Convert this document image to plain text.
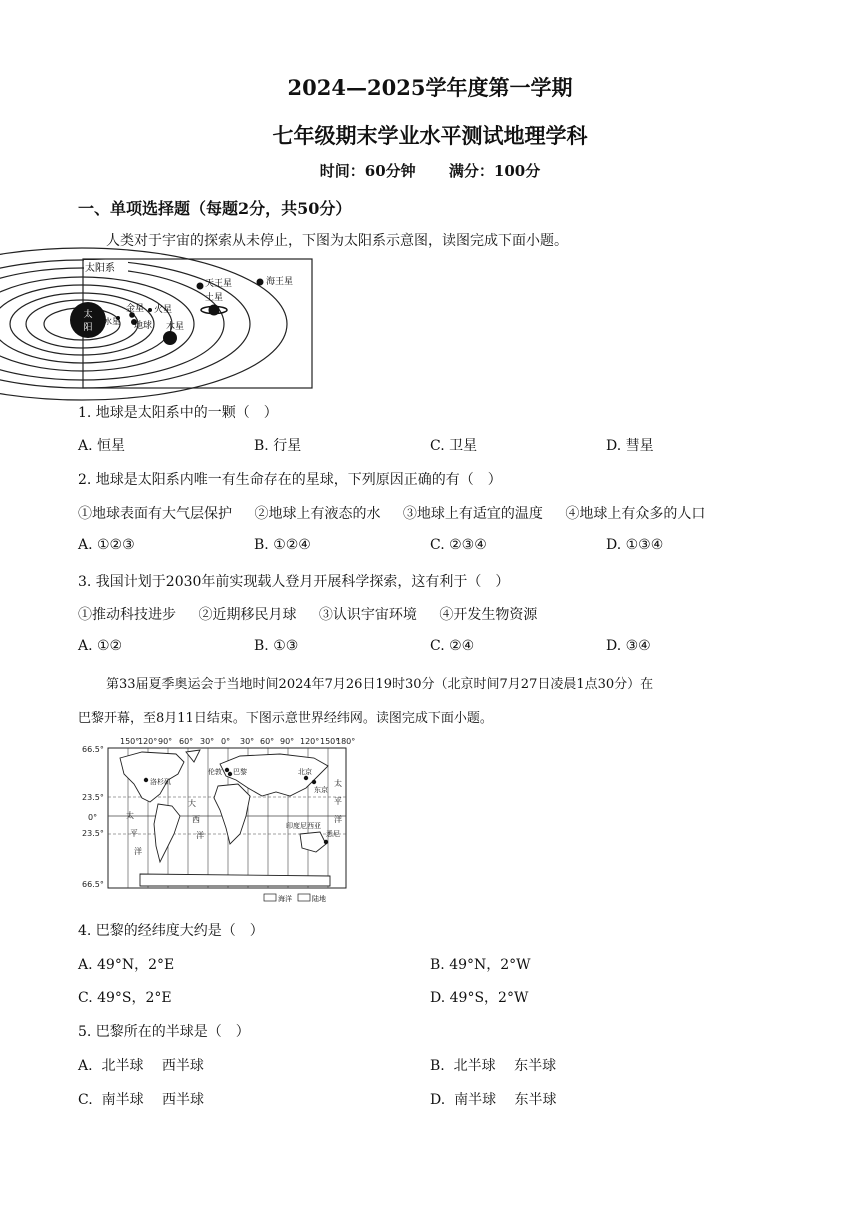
2024—2025学年度第一学期
七年级期末学业水平测试地理学科
时间：60分钟 满分：100分
一、单项选择题（每题2分，共50分）
人类对于宇宙的探索从未停止，下图为太阳系示意图，读图完成下面小题。
太阳系
太
阳
水星
金星
地球
火星
木星
土星
天王星	海王星
1. 地球是太阳系中的一颗（　）
A. 恒星	B. 行星	C. 卫星	D. 彗星
2. 地球是太阳系内唯一有生命存在的星球，下列原因正确的有（　）
①地球表面有大气层保护 ②地球上有液态的水 ③地球上有适宜的温度 ④地球上有众多的人口
A. ①②③	B. ①②④	C. ②③④	D. ①③④
3. 我国计划于2030年前实现载人登月开展科学探索，这有利于（　）
①推动科技进步 ②近期移民月球 ③认识宇宙环境 ④开发生物资源
A. ①②	B. ①③	C. ②④	D. ③④
第33届夏季奥运会于当地时间2024年7月26日19时30分（北京时间7月27日凌晨1点30分）在
巴黎开幕，至8月11日结束。下图示意世界经纬网。读图完成下面小题。
150°
120° 90° 60° 30° 0° 30° 60° 90° 120° 150°
180°
66.5°
23.5°
0°
23.5°
66.5°
洛杉矶
伦敦 巴黎	北京
东京
印度尼西亚
悉尼
太
平
洋
大
西
洋
太
平
洋
海洋	陆地
4. 巴黎的经纬度大约是（　）
A. 49°N，2°E	B. 49°N，2°W
C. 49°S，2°E	D. 49°S，2°W
5. 巴黎所在的半球是（　）
A.  北半球　 西半球	B.  北半球　 东半球
C.  南半球　 西半球	D.  南半球　 东半球
